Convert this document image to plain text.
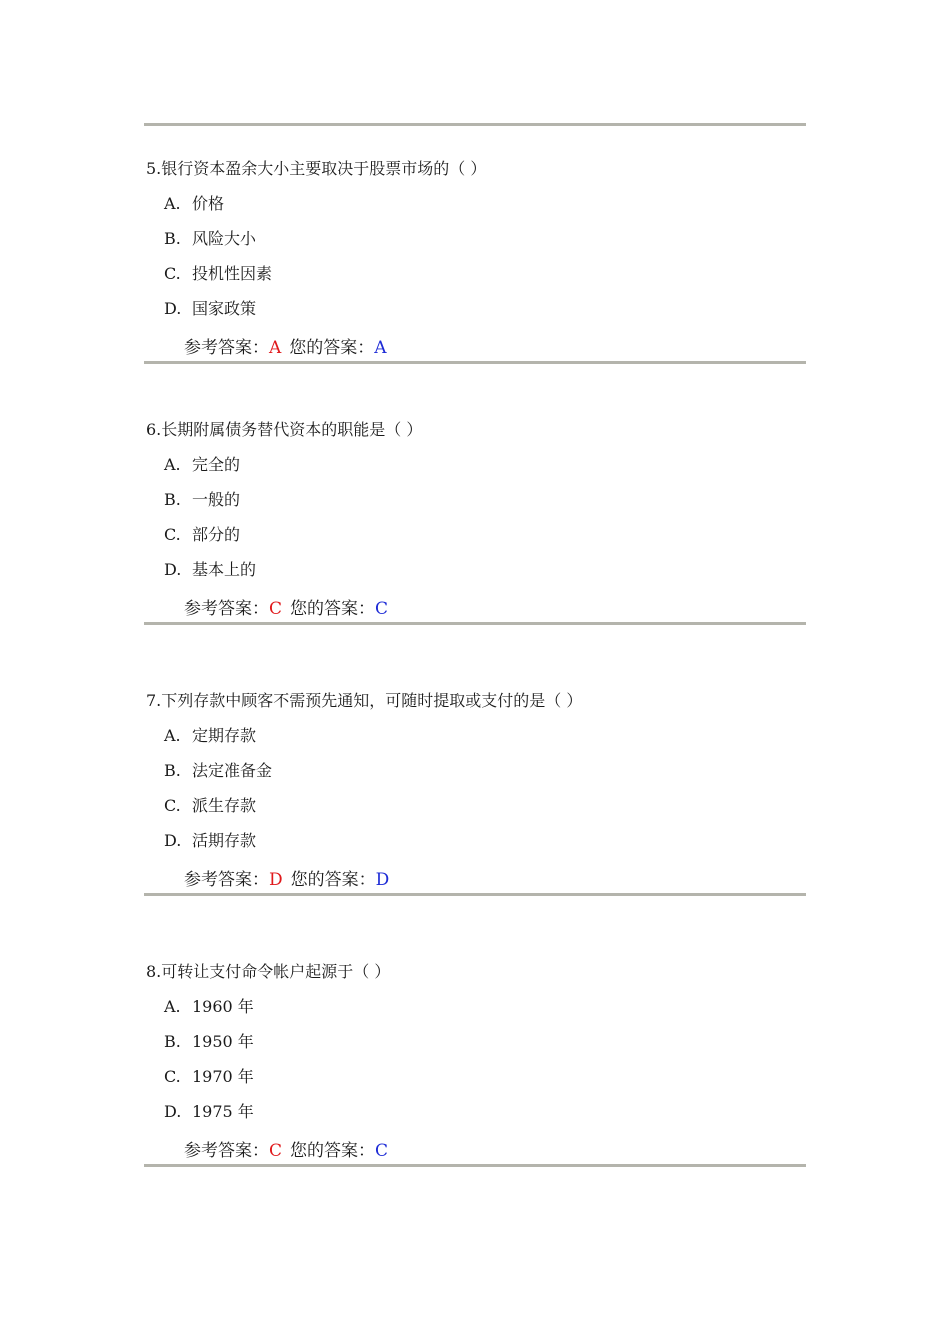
5.银行资本盈余大小主要取决于股票市场的（ ）
A. 价格
B. 风险大小
C. 投机性因素
D. 国家政策
参考答案：A 您的答案：A
6.长期附属债务替代资本的职能是（ ）
A. 完全的
B. 一般的
C. 部分的
D. 基本上的
参考答案：C 您的答案：C
7.下列存款中顾客不需预先通知，可随时提取或支付的是（ ）
A. 定期存款
B. 法定准备金
C. 派生存款
D. 活期存款
参考答案：D 您的答案：D
8.可转让支付命令帐户起源于（ ）
A. 1960 年
B. 1950 年
C. 1970 年
D. 1975 年
参考答案：C 您的答案：C
